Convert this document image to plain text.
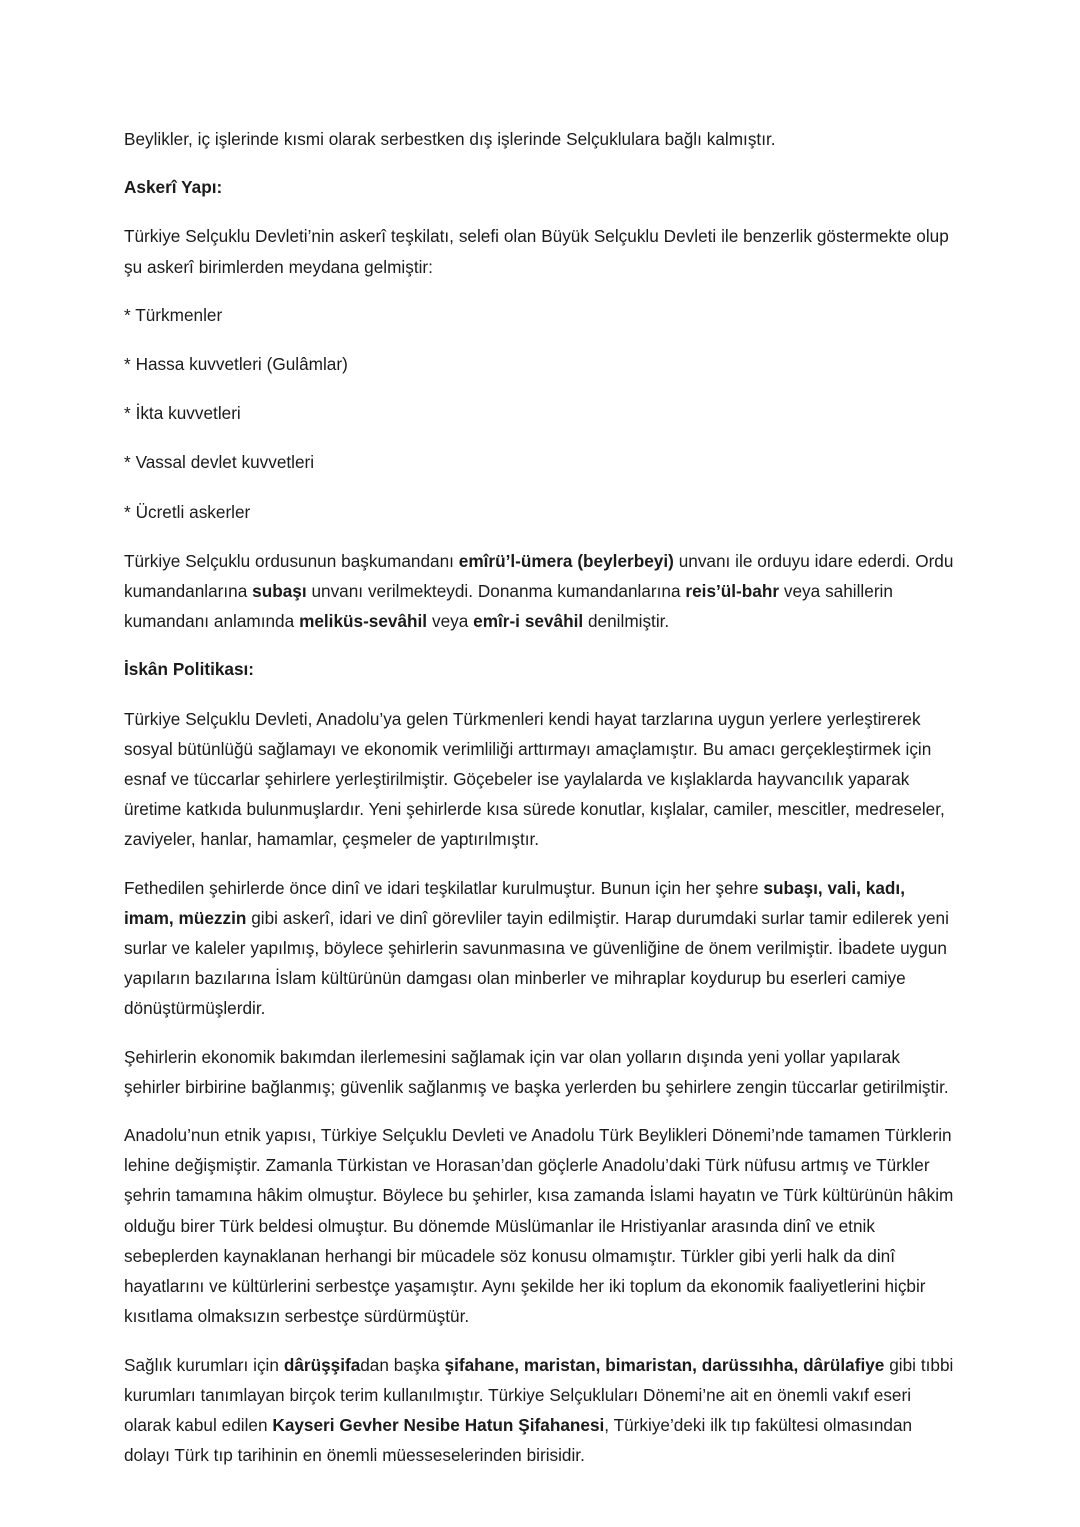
Beylikler, iç işlerinde kısmi olarak serbestken dış işlerinde Selçuklulara bağlı kalmıştır.

Askerî Yapı:

Türkiye Selçuklu Devleti’nin askerî teşkilatı, selefi olan Büyük Selçuklu Devleti ile benzerlik göstermekte olup şu askerî birimlerden meydana gelmiştir:

* Türkmenler

* Hassa kuvvetleri (Gulâmlar)

* İkta kuvvetleri

* Vassal devlet kuvvetleri

* Ücretli askerler

Türkiye Selçuklu ordusunun başkumandanı emîrü’l-ümera (beylerbeyi) unvanı ile orduyu idare ederdi. Ordu kumandanlarına subaşı unvanı verilmekteydi. Donanma kumandanlarına reis’ül-bahr veya sahillerin kumandanı anlamında meliküs-sevâhil veya emîr-i sevâhil denilmiştir.

İskân Politikası:

Türkiye Selçuklu Devleti, Anadolu’ya gelen Türkmenleri kendi hayat tarzlarına uygun yerlere yerleştirerek sosyal bütünlüğü sağlamayı ve ekonomik verimliliği arttırmayı amaçlamıştır. Bu amacı gerçekleştirmek için esnaf ve tüccarlar şehirlere yerleştirilmiştir. Göçebeler ise yaylalarda ve kışlaklarda hayvancılık yaparak üretime katkıda bulunmuşlardır. Yeni şehirlerde kısa sürede konutlar, kışlalar, camiler, mescitler, medreseler, zaviyeler, hanlar, hamamlar, çeşmeler de yaptırılmıştır.

Fethedilen şehirlerde önce dinî ve idari teşkilatlar kurulmuştur. Bunun için her şehre subaşı, vali, kadı, imam, müezzin gibi askerî, idari ve dinî görevliler tayin edilmiştir. Harap durumdaki surlar tamir edilerek yeni surlar ve kaleler yapılmış, böylece şehirlerin savunmasına ve güvenliğine de önem verilmiştir. İbadete uygun yapıların bazılarına İslam kültürünün damgası olan minberler ve mihraplar koydurup bu eserleri camiye dönüştürmüşlerdir.

Şehirlerin ekonomik bakımdan ilerlemesini sağlamak için var olan yolların dışında yeni yollar yapılarak şehirler birbirine bağlanmış; güvenlik sağlanmış ve başka yerlerden bu şehirlere zengin tüccarlar getirilmiştir.

Anadolu’nun etnik yapısı, Türkiye Selçuklu Devleti ve Anadolu Türk Beylikleri Dönemi’nde tamamen Türklerin lehine değişmiştir. Zamanla Türkistan ve Horasan’dan göçlerle Anadolu’daki Türk nüfusu artmış ve Türkler şehrin tamamına hâkim olmuştur. Böylece bu şehirler, kısa zamanda İslami hayatın ve Türk kültürünün hâkim olduğu birer Türk beldesi olmuştur. Bu dönemde Müslümanlar ile Hristiyanlar arasında dinî ve etnik sebeplerden kaynaklanan herhangi bir mücadele söz konusu olmamıştır. Türkler gibi yerli halk da dinî hayatlarını ve kültürlerini serbestçe yaşamıştır. Aynı şekilde her iki toplum da ekonomik faaliyetlerini hiçbir kısıtlama olmaksızın serbestçe sürdürmüştür.

Sağlık kurumları için dârüşşifadan başka şifahane, maristan, bimaristan, darüssıhha, dârülafiye gibi tıbbi kurumları tanımlayan birçok terim kullanılmıştır. Türkiye Selçukluları Dönemi’ne ait en önemli vakıf eseri olarak kabul edilen Kayseri Gevher Nesibe Hatun Şifahanesi, Türkiye’deki ilk tıp fakültesi olmasından dolayı Türk tıp tarihinin en önemli müesseselerinden birisidir.
